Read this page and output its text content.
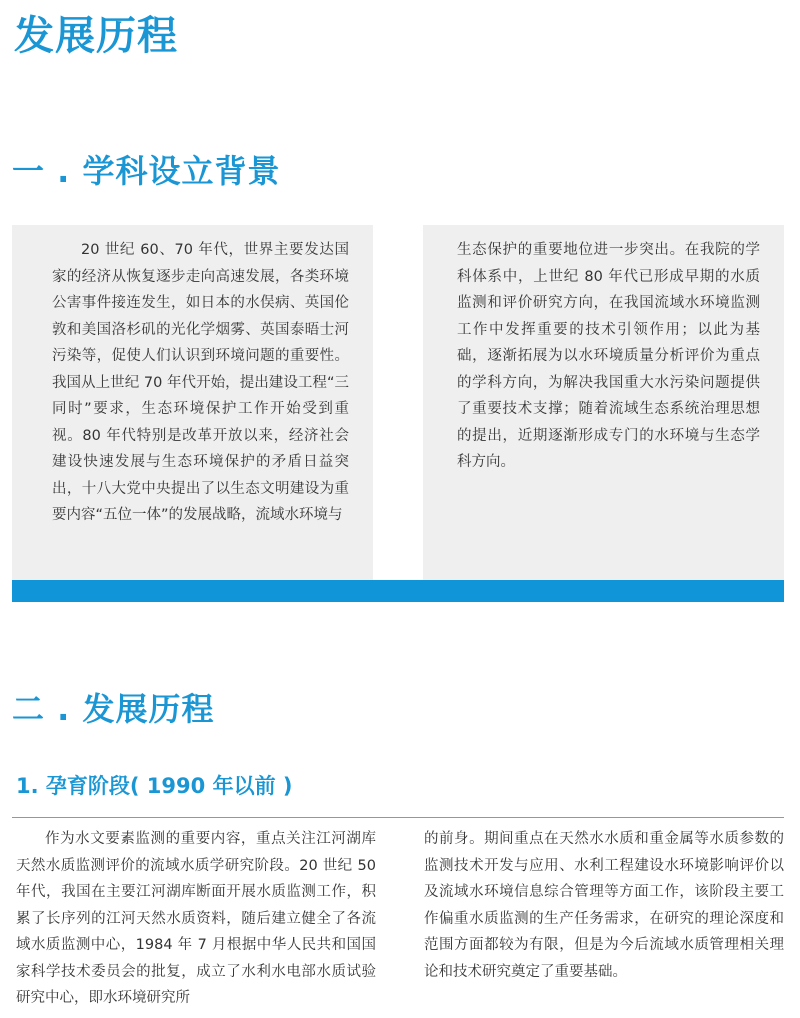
发展历程
一 . 学科设立背景

20 世纪 60、70 年代，世界主要发达国家的经济从恢复逐步走向高速发展，各类环境公害事件接连发生，如日本的水俣病、英国伦敦和美国洛杉矶的光化学烟雾、英国泰晤士河污染等，促使人们认识到环境问题的重要性。我国从上世纪 70 年代开始，提出建设工程“三同时”要求，生态环境保护工作开始受到重视。80 年代特别是改革开放以来，经济社会建设快速发展与生态环境保护的矛盾日益突出，十八大党中央提出了以生态文明建设为重要内容“五位一体”的发展战略，流域水环境与

生态保护的重要地位进一步突出。在我院的学科体系中，上世纪 80 年代已形成早期的水质监测和评价研究方向，在我国流域水环境监测工作中发挥重要的技术引领作用；以此为基础，逐渐拓展为以水环境质量分析评价为重点的学科方向，为解决我国重大水污染问题提供了重要技术支撑；随着流域生态系统治理思想的提出，近期逐渐形成专门的水环境与生态学科方向。

二 . 发展历程
1. 孕育阶段( 1990 年以前 )

作为水文要素监测的重要内容，重点关注江河湖库天然水质监测评价的流域水质学研究阶段。20 世纪 50 年代，我国在主要江河湖库断面开展水质监测工作，积累了长序列的江河天然水质资料，随后建立健全了各流域水质监测中心，1984 年 7 月根据中华人民共和国国家科学技术委员会的批复，成立了水利水电部水质试验研究中心，即水环境研究所

的前身。期间重点在天然水水质和重金属等水质参数的监测技术开发与应用、水利工程建设水环境影响评价以及流域水环境信息综合管理等方面工作，该阶段主要工作偏重水质监测的生产任务需求，在研究的理论深度和范围方面都较为有限，但是为今后流域水质管理相关理论和技术研究奠定了重要基础。
